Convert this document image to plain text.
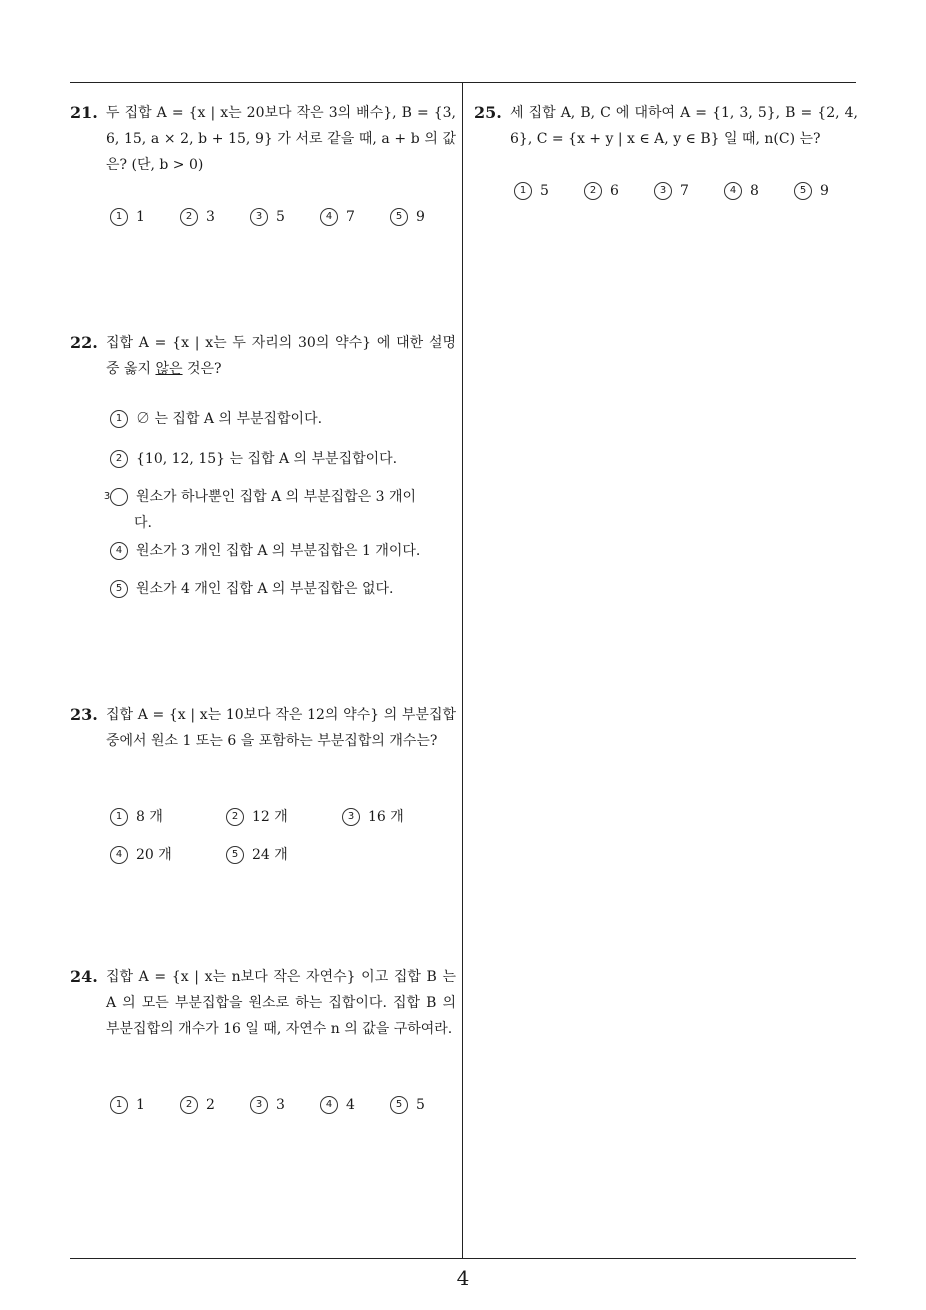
21. 두 집합 A = {x | x는 20보다 작은 3의 배수}, B = {3, 6, 15, a × 2, b + 15, 9} 가 서로 같을 때, a + b 의 값은? (단, b > 0)
1 1	2 3	3 5	4 7	5 9
22. 집합 A = {x | x는 두 자리의 30의 약수} 에 대한 설명 중 옳지 않은 것은?
1 ∅ 는 집합 A 의 부분집합이다.
2 {10, 12, 15} 는 집합 A 의 부분집합이다.
3 원소가 하나뿐인 집합 A 의 부분집합은 3 개이다.
4 원소가 3 개인 집합 A 의 부분집합은 1 개이다.
5 원소가 4 개인 집합 A 의 부분집합은 없다.
23. 집합 A = {x | x는 10보다 작은 12의 약수} 의 부분집합 중에서 원소 1 또는 6 을 포함하는 부분집합의 개수는?
1 8 개	2 12 개	3 16 개
4 20 개	5 24 개
24. 집합 A = {x | x는 n보다 작은 자연수} 이고 집합 B 는 A 의 모든 부분집합을 원소로 하는 집합이다. 집합 B 의 부분집합의 개수가 16 일 때, 자연수 n 의 값을 구하여라.
1 1	2 2	3 3	4 4	5 5
25. 세 집합 A, B, C 에 대하여 A = {1, 3, 5}, B = {2, 4, 6}, C = {x + y | x ∈ A, y ∈ B} 일 때, n(C) 는?
1 5	2 6	3 7	4 8	5 9
4
